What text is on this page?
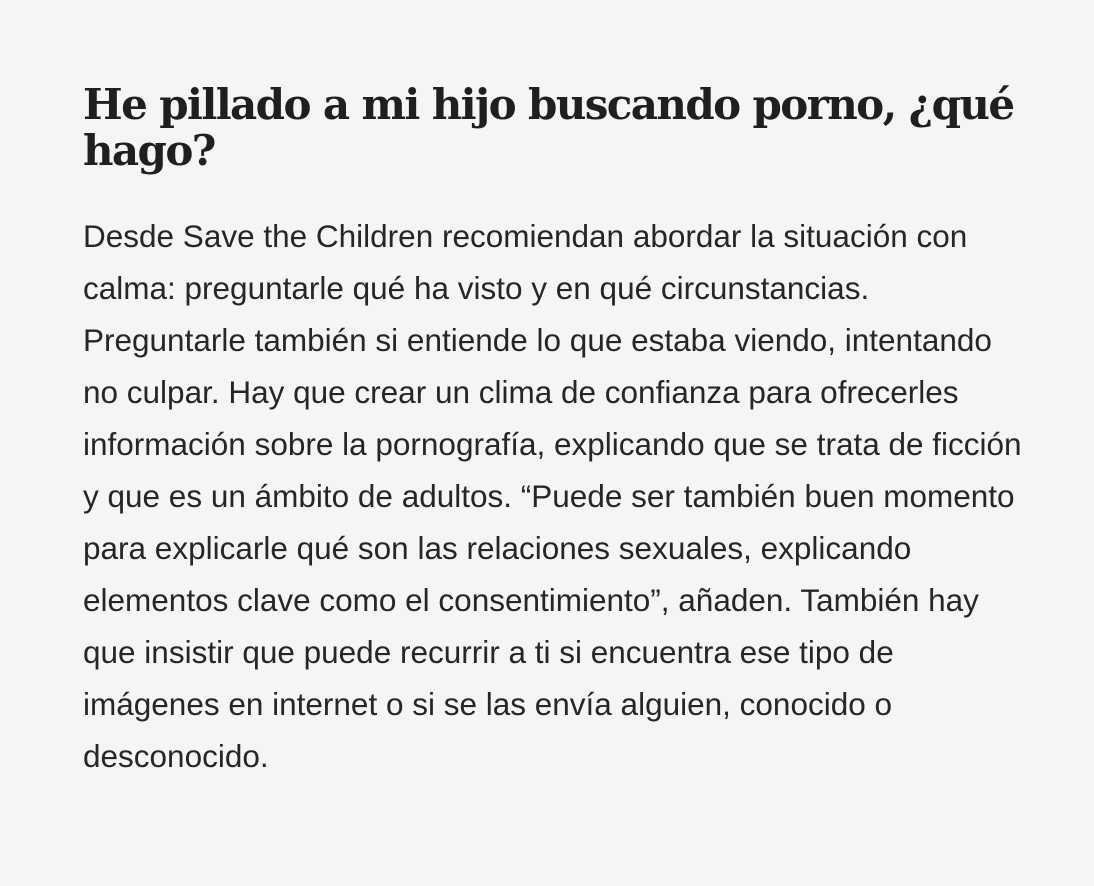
He pillado a mi hijo buscando porno, ¿qué hago?

Desde Save the Children recomiendan abordar la situación con calma: preguntarle qué ha visto y en qué circunstancias. Preguntarle también si entiende lo que estaba viendo, intentando no culpar. Hay que crear un clima de confianza para ofrecerles información sobre la pornografía, explicando que se trata de ficción y que es un ámbito de adultos. “Puede ser también buen momento para explicarle qué son las relaciones sexuales, explicando elementos clave como el consentimiento”, añaden. También hay que insistir que puede recurrir a ti si encuentra ese tipo de imágenes en internet o si se las envía alguien, conocido o desconocido.
